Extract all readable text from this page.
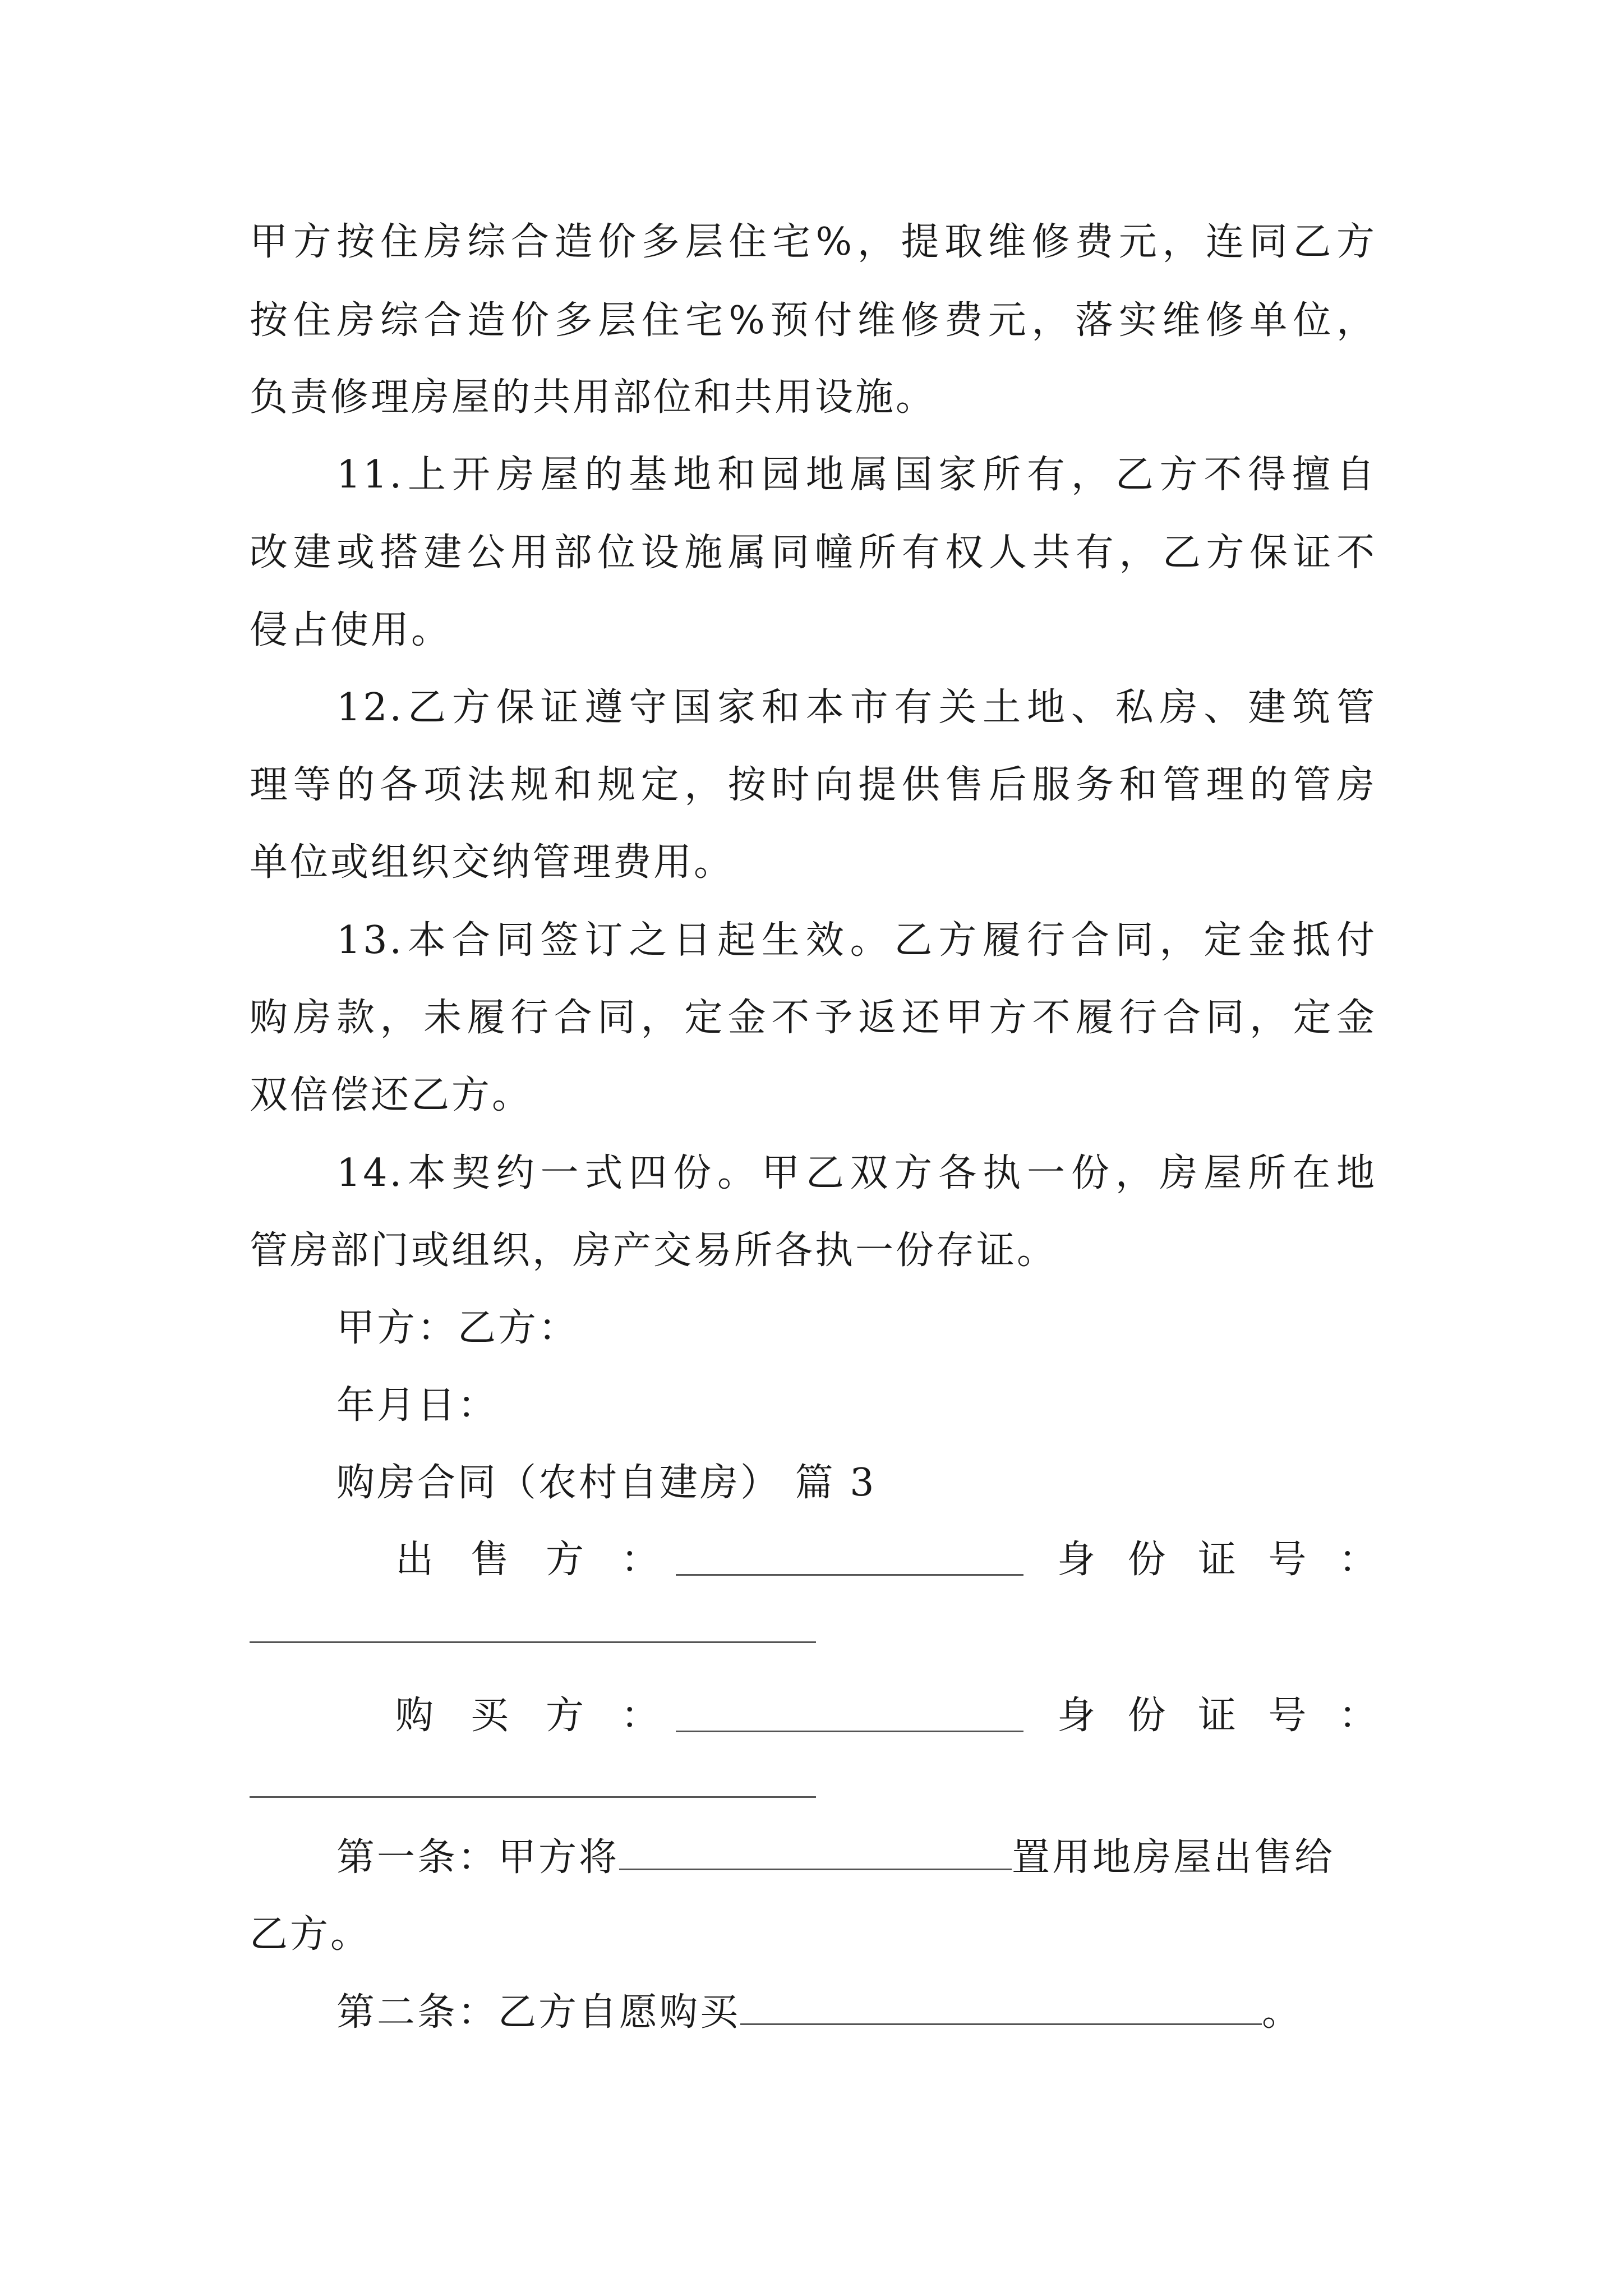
甲方按住房综合造价多层住宅%，提取维修费元，连同乙方
按住房综合造价多层住宅%预付维修费元，落实维修单位，
负责修理房屋的共用部位和共用设施。
11.上开房屋的基地和园地属国家所有，乙方不得擅自
改建或搭建公用部位设施属同幢所有权人共有，乙方保证不
侵占使用。
12.乙方保证遵守国家和本市有关土地、私房、建筑管
理等的各项法规和规定，按时向提供售后服务和管理的管房
单位或组织交纳管理费用。
13.本合同签订之日起生效。乙方履行合同，定金抵付
购房款，未履行合同，定金不予返还甲方不履行合同，定金
双倍偿还乙方。
14.本契约一式四份。甲乙双方各执一份，房屋所在地
管房部门或组织，房产交易所各执一份存证。
甲方：乙方：
年月日：
购房合同（农村自建房） 篇 3
出 售 方 ：	身 份 证 号 ：
购 买 方 ：	身 份 证 号 ：
第一条：甲方将	置用地房屋出售给
乙方。
第二条：乙方自愿购买	。
